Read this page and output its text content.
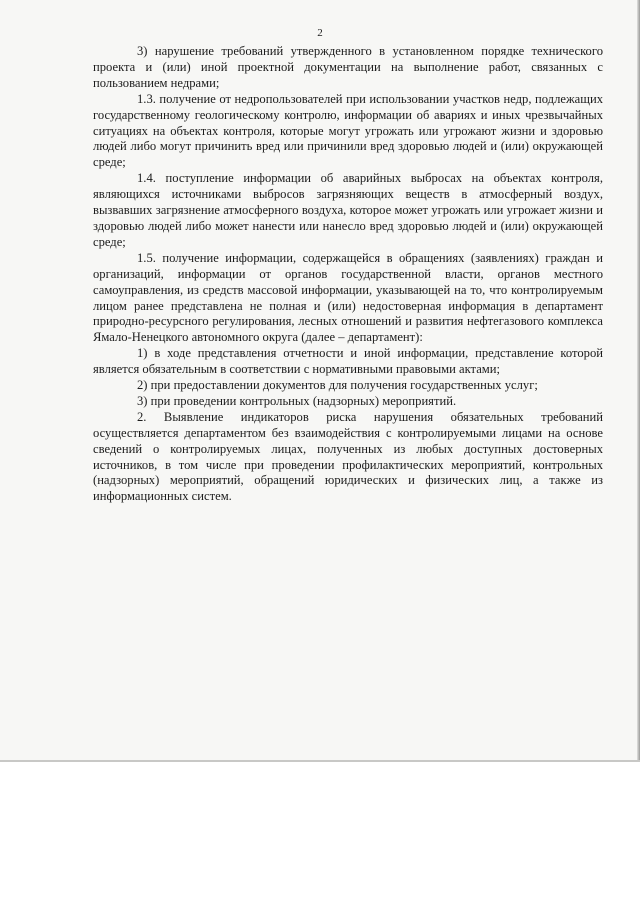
2

3) нарушение требований утвержденного в установленном порядке технического проекта и (или) иной проектной документации на выполнение работ, связанных с пользованием недрами;

1.3. получение от недропользователей при использовании участков недр, подлежащих государственному геологическому контролю, информации об авариях и иных чрезвычайных ситуациях на объектах контроля, которые могут угрожать или угрожают жизни и здоровью людей либо могут причинить вред или причинили вред здоровью людей и (или) окружающей среде;

1.4. поступление информации об аварийных выбросах на объектах контроля, являющихся источниками выбросов загрязняющих веществ в атмосферный воздух, вызвавших загрязнение атмосферного воздуха, которое может угрожать или угрожает жизни и здоровью людей либо может нанести или нанесло вред здоровью людей и (или) окружающей среде;

1.5. получение информации, содержащейся в обращениях (заявлениях) граждан и организаций, информации от органов государственной власти, органов местного самоуправления, из средств массовой информации, указывающей на то, что контролируемым лицом ранее представлена не полная и (или) недостоверная информация в департамент природно-ресурсного регулирования, лесных отношений и развития нефтегазового комплекса Ямало-Ненецкого автономного округа (далее – департамент):

1) в ходе представления отчетности и иной информации, представление которой является обязательным в соответствии с нормативными правовыми актами;

2) при предоставлении документов для получения государственных услуг;

3) при проведении контрольных (надзорных) мероприятий.

2. Выявление индикаторов риска нарушения обязательных требований осуществляется департаментом без взаимодействия с контролируемыми лицами на основе сведений о контролируемых лицах, полученных из любых доступных достоверных источников, в том числе при проведении профилактических мероприятий, контрольных (надзорных) мероприятий, обращений юридических и физических лиц, а также из информационных систем.
